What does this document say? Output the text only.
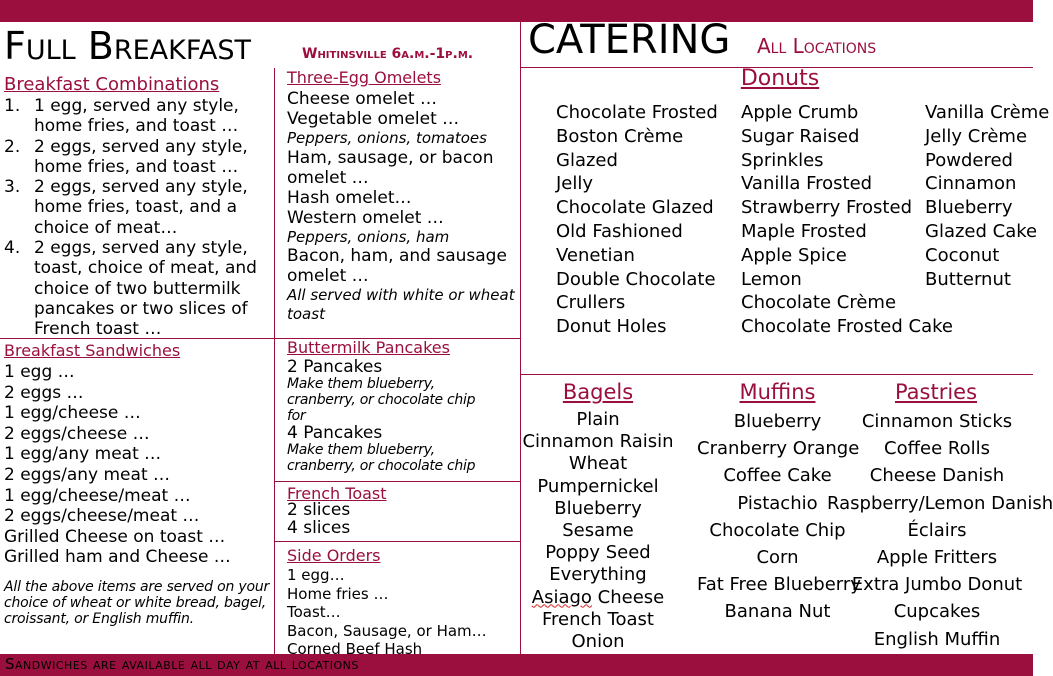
Sandwiches are available all day at all locations
Full Breakfast	Whitinsville 6a.m.-1p.m.
Breakfast Combinations
1. 1 egg, served any style,
home fries, and toast …
2. 2 eggs, served any style,
home fries, and toast …
3. 2 eggs, served any style,
home fries, toast, and a
choice of meat…
4. 2 eggs, served any style,
toast, choice of meat, and
choice of two buttermilk
pancakes or two slices of
French toast …
Three-Egg Omelets
Cheese omelet …
Vegetable omelet …
Peppers, onions, tomatoes
Ham, sausage, or bacon
omelet …
Hash omelet…
Western omelet …
Peppers, onions, ham
Bacon, ham, and sausage
omelet …
All served with white or wheat
toast
Breakfast Sandwiches
1 egg …
2 eggs …
1 egg/cheese …
2 eggs/cheese …
1 egg/any meat …
2 eggs/any meat …
1 egg/cheese/meat …
2 eggs/cheese/meat …
Grilled Cheese on toast …
Grilled ham and Cheese …
All the above items are served on your choice of wheat or white bread, bagel, croissant, or English muffin.
Buttermilk Pancakes
2 Pancakes
Make them blueberry,
cranberry, or chocolate chip
for
4 Pancakes
Make them blueberry,
cranberry, or chocolate chip
French Toast
2 slices
4 slices
Side Orders
1 egg…
Home fries …
Toast…
Bacon, Sausage, or Ham…
Corned Beef Hash
CATERING All Locations
Donuts
Chocolate Frosted
Boston Crème
Glazed
Jelly
Chocolate Glazed
Old Fashioned
Venetian
Double Chocolate
Crullers
Donut Holes
Apple Crumb
Sugar Raised
Sprinkles
Vanilla Frosted
Strawberry Frosted
Maple Frosted
Apple Spice
Lemon
Chocolate Crème
Chocolate Frosted Cake
Vanilla Crème
Jelly Crème
Powdered
Cinnamon
Blueberry
Glazed Cake
Coconut
Butternut
Bagels
Plain
Cinnamon Raisin
Wheat
Pumpernickel
Blueberry
Sesame
Poppy Seed
Everything
Asiago Cheese
French Toast
Onion
Muffins
Blueberry
Cranberry Orange
Coffee Cake
Pistachio
Chocolate Chip
Corn
Fat Free Blueberry
Banana Nut
Pastries
Cinnamon Sticks
Coffee Rolls
Cheese Danish
Raspberry/Lemon Danish
Éclairs
Apple Fritters
Extra Jumbo Donut
Cupcakes
English Muffin
